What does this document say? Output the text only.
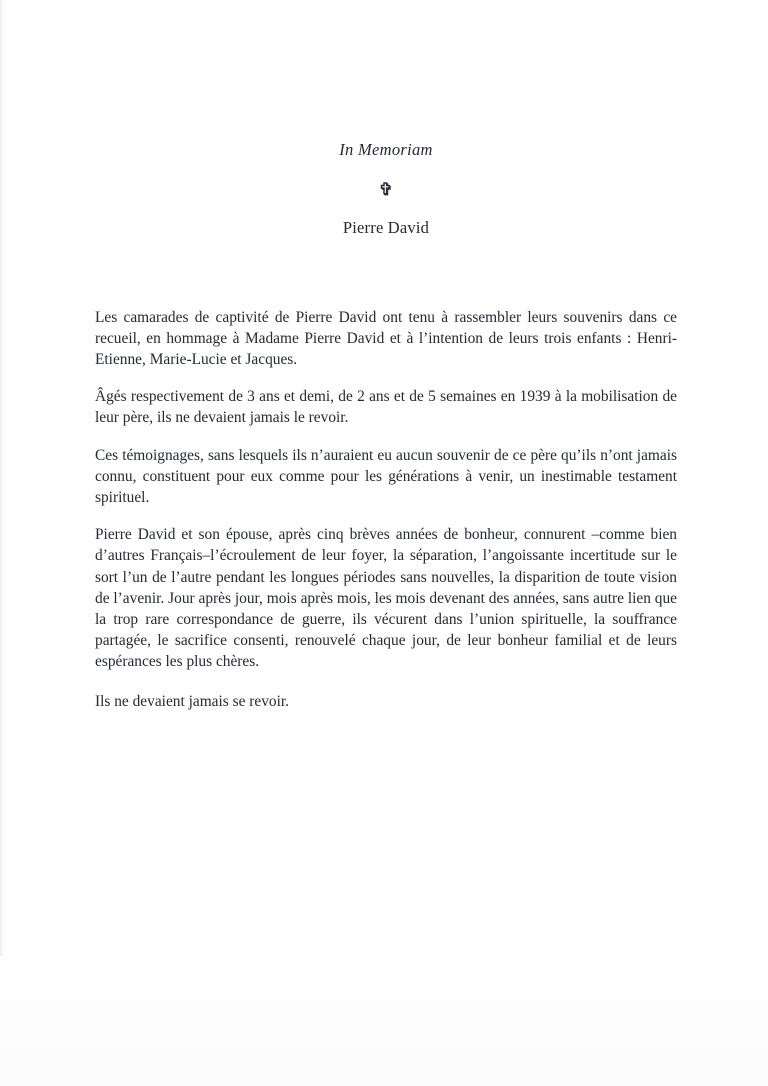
In Memoriam
✞
Pierre David

Les camarades de captivité de Pierre David ont tenu à rassembler leurs souvenirs dans ce recueil, en hommage à Madame Pierre David et à l’intention de leurs trois enfants : Henri-Etienne, Marie-Lucie et Jacques.

Âgés respectivement de 3 ans et demi, de 2 ans et de 5 semaines en 1939 à la mobilisation de leur père, ils ne devaient jamais le revoir.

Ces témoignages, sans lesquels ils n’auraient eu aucun souvenir de ce père qu’ils n’ont jamais connu, constituent pour eux comme pour les générations à venir, un inestimable testament spirituel.

Pierre David et son épouse, après cinq brèves années de bonheur, connurent –comme bien d’autres Français–l’écroulement de leur foyer, la séparation, l’angoissante incertitude sur le sort l’un de l’autre pendant les longues périodes sans nouvelles, la disparition de toute vision de l’avenir. Jour après jour, mois après mois, les mois devenant des années, sans autre lien que la trop rare correspondance de guerre, ils vécurent dans l’union spirituelle, la souffrance partagée, le sacrifice consenti, renouvelé chaque jour, de leur bonheur familial et de leurs espérances les plus chères.

Ils ne devaient jamais se revoir.
